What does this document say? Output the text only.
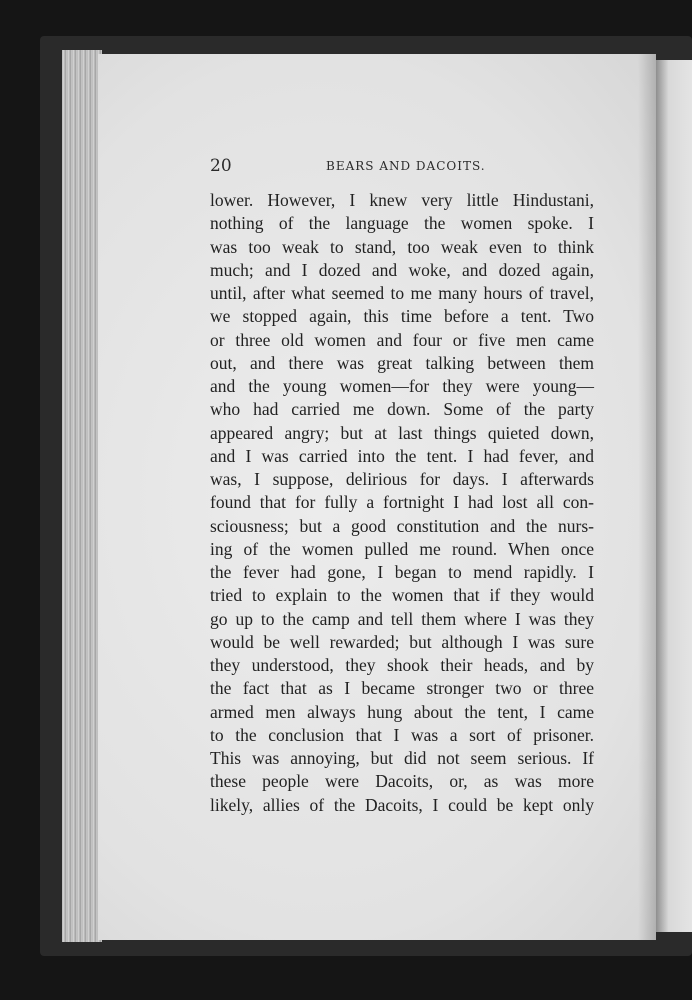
20	BEARS AND DACOITS.
lower. However, I knew very little Hindustani,
nothing of the language the women spoke. I
was too weak to stand, too weak even to think
much; and I dozed and woke, and dozed again,
until, after what seemed to me many hours of travel,
we stopped again, this time before a tent. Two
or three old women and four or five men came
out, and there was great talking between them
and the young women—for they were young—
who had carried me down. Some of the party
appeared angry; but at last things quieted down,
and I was carried into the tent. I had fever, and
was, I suppose, delirious for days. I afterwards
found that for fully a fortnight I had lost all con-
sciousness; but a good constitution and the nurs-
ing of the women pulled me round. When once
the fever had gone, I began to mend rapidly. I
tried to explain to the women that if they would
go up to the camp and tell them where I was they
would be well rewarded; but although I was sure
they understood, they shook their heads, and by
the fact that as I became stronger two or three
armed men always hung about the tent, I came
to the conclusion that I was a sort of prisoner.
This was annoying, but did not seem serious. If
these people were Dacoits, or, as was more
likely, allies of the Dacoits, I could be kept only
